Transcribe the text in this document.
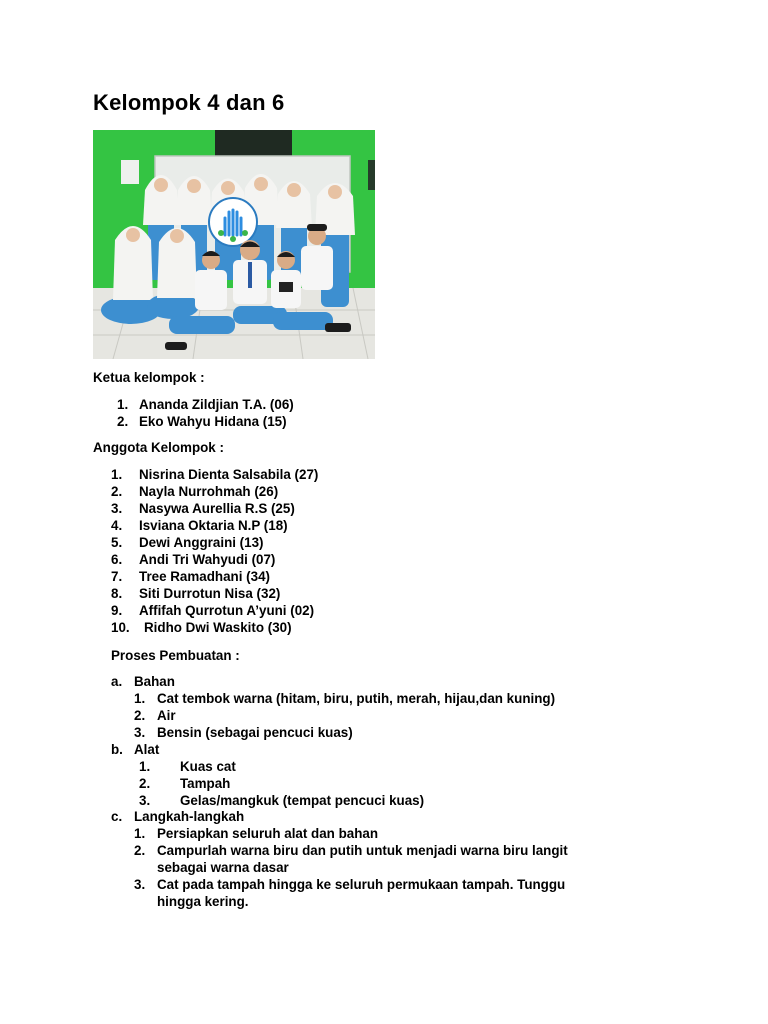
Kelompok 4 dan 6
Ketua kelompok :
1. Ananda Zildjian T.A. (06)
2. Eko Wahyu Hidana (15)
Anggota Kelompok :
1. Nisrina Dienta Salsabila (27)
2. Nayla Nurrohmah (26)
3. Nasywa Aurellia R.S (25)
4. Isviana Oktaria N.P (18)
5. Dewi Anggraini (13)
6. Andi Tri Wahyudi (07)
7. Tree Ramadhani (34)
8. Siti Durrotun Nisa (32)
9. Affifah Qurrotun A’yuni (02)
10. Ridho Dwi Waskito (30)
Proses Pembuatan :
a. Bahan
1. Cat tembok warna (hitam, biru, putih, merah, hijau,dan kuning)
2. Air
3. Bensin (sebagai pencuci kuas)
b. Alat
1. Kuas cat
2. Tampah
3. Gelas/mangkuk (tempat pencuci kuas)
c. Langkah-langkah
1. Persiapkan seluruh alat dan bahan
2. Campurlah warna biru dan putih untuk menjadi warna biru langit
sebagai warna dasar
3. Cat pada tampah hingga ke seluruh permukaan tampah. Tunggu
hingga kering.
